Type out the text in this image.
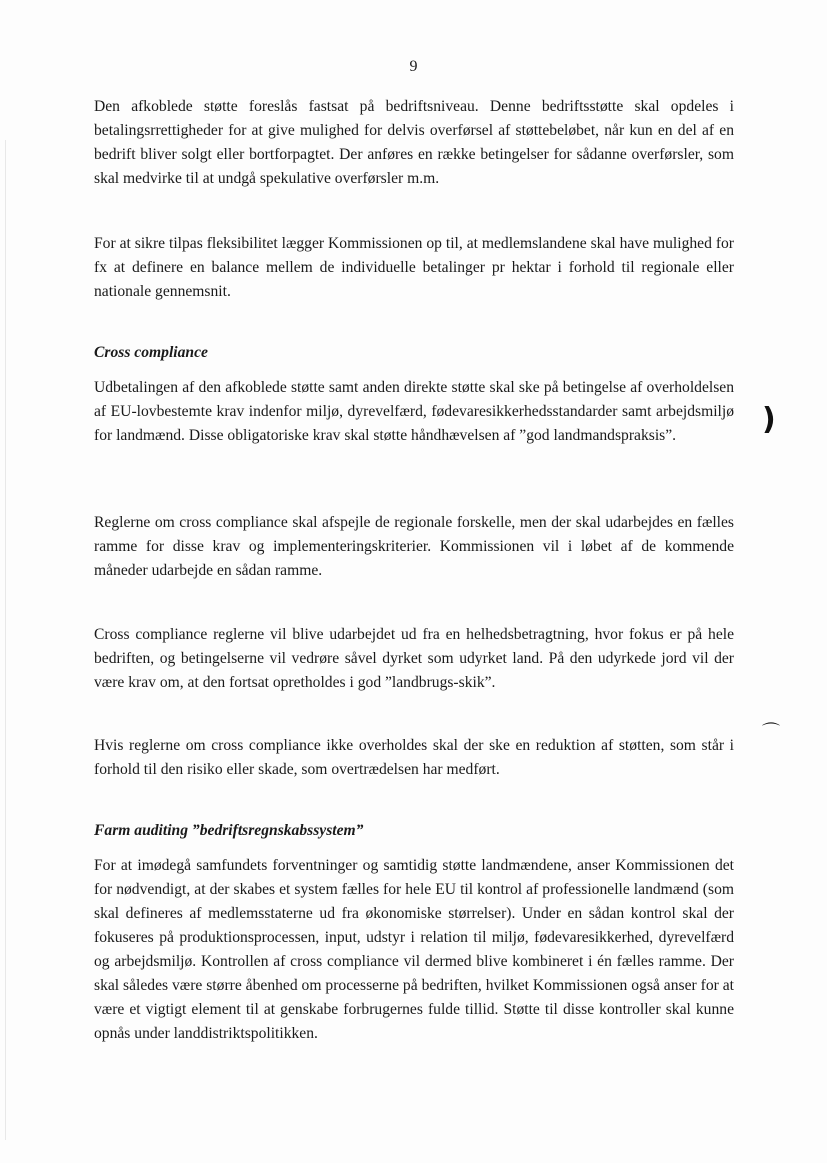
9

Den afkoblede støtte foreslås fastsat på bedriftsniveau. Denne bedriftsstøtte skal opdeles i betalingsrrettigheder for at give mulighed for delvis overførsel af støttebeløbet, når kun en del af en bedrift bliver solgt eller bortforpagtet. Der anføres en række betingelser for sådanne overførsler, som skal medvirke til at undgå spekulative overførsler m.m.

For at sikre tilpas fleksibilitet lægger Kommissionen op til, at medlemslandene skal have mulighed for fx at definere en balance mellem de individuelle betalinger pr hektar i forhold til regionale eller nationale gennemsnit.

Cross compliance

Udbetalingen af den afkoblede støtte samt anden direkte støtte skal ske på betingelse af overholdelsen af EU-lovbestemte krav indenfor miljø, dyrevelfærd, fødevaresikkerhedsstandarder samt arbejdsmiljø for landmænd. Disse obligatoriske krav skal støtte håndhævelsen af ”god landmandspraksis”.

Reglerne om cross compliance skal afspejle de regionale forskelle, men der skal udarbejdes en fælles ramme for disse krav og implementeringskriterier. Kommissionen vil i løbet af de kommende måneder udarbejde en sådan ramme.

Cross compliance reglerne vil blive udarbejdet ud fra en helhedsbetragtning, hvor fokus er på hele bedriften, og betingelserne vil vedrøre såvel dyrket som udyrket land. På den udyrkede jord vil der være krav om, at den fortsat opretholdes i god ”landbrugs-skik”.

Hvis reglerne om cross compliance ikke overholdes skal der ske en reduktion af støtten, som står i forhold til den risiko eller skade, som overtrædelsen har medført.

Farm auditing ”bedriftsregnskabssystem”

For at imødegå samfundets forventninger og samtidig støtte landmændene, anser Kommissionen det for nødvendigt, at der skabes et system fælles for hele EU til kontrol af professionelle landmænd (som skal defineres af medlemsstaterne ud fra økonomiske størrelser). Under en sådan kontrol skal der fokuseres på produktionsprocessen, input, udstyr i relation til miljø, fødevaresikkerhed, dyrevelfærd og arbejdsmiljø. Kontrollen af cross compliance vil dermed blive kombineret i én fælles ramme. Der skal således være større åbenhed om processerne på bedriften, hvilket Kommissionen også anser for at være et vigtigt element til at genskabe forbrugernes fulde tillid. Støtte til disse kontroller skal kunne opnås under landdistriktspolitikken.

)
⌒
